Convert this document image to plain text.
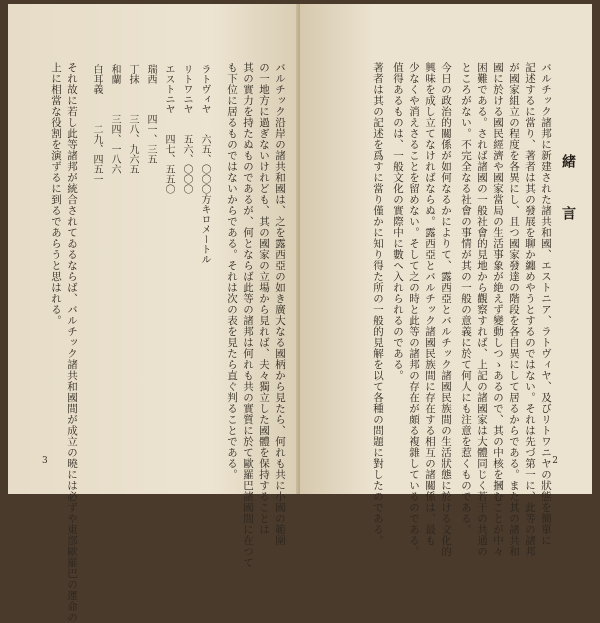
バルチック沿岸の諸共和國は、之を露西亞の如き廣大なる國柄から見たら、何れも共に小國の範圍
の一地方に過ぎないけれども、其の國家の立場から見れば、夫々獨立した國體を保持することは
其の實力を持たぬものであるが、何とならば此等の諸邦は何れも共の實質に於て歐羅巴諸國間に在つて
も下位に居るものではないからである。それは次の表を見たら直ぐ判ることである。
ラトヴィヤ　　六五、〇〇〇方キロメートル
リトワニヤ　　五六、〇〇〇
エストニヤ　　四七、五五〇
瑞西　　　四一、三五
丁抹　　　三八、九六五
和蘭　　　三四、一八六
白耳義　　　二九、四五一
それ故に若し此等諸邦が統合されてゐるならば、バルチック諸共和國間が成立の曉には必ずや東部歐羅巴の運命の
上に相當な役割を演ずるに到るであらうと思はれる。
3
緒言
バルチック諸邦に新建された諸共和國、エストニア、ラトヴィヤ、及びリトワニヤの狀態を簡單に
記述するに當り、著者は其の發展を聊か纏めやうとするのではない。それは先づ第一に、此等の諸邦
が國家組立の程度を各異にし、且つ國家發達の階段を各自異にして居るからである。また其の諸共和
國に於ける國民經濟や國家當局の生活事象が絶えず變動しつゝあるので、其の中核を摑むことが中々
困難である。されば諸國の一般社會的見地から觀察すれば、上記の諸國家は大體同じく若干の共通の
ところがない。不完全なる社會の事情が其の一般の意義に於て何人にも注意を惹くものである。
今日の政治的關係が如何なるかによりて、露西亞とバルチック諸國民族間の生活狀態に於ける文化的
興味を成し立てなければならぬ。露西亞とバルチック諸國民族間に存在する相互の諸關係は、最も
少なくや消えさることを留めない。そして之の時と此等の諸邦の存在が頗る複雜しているのである。
值得あるものは、一般文化の實際中に數へ入れられるのである。
著者は其の記述を爲すに當り僅かに知り得た所の一般的見解を以て各種の問題に對したのである。	2
